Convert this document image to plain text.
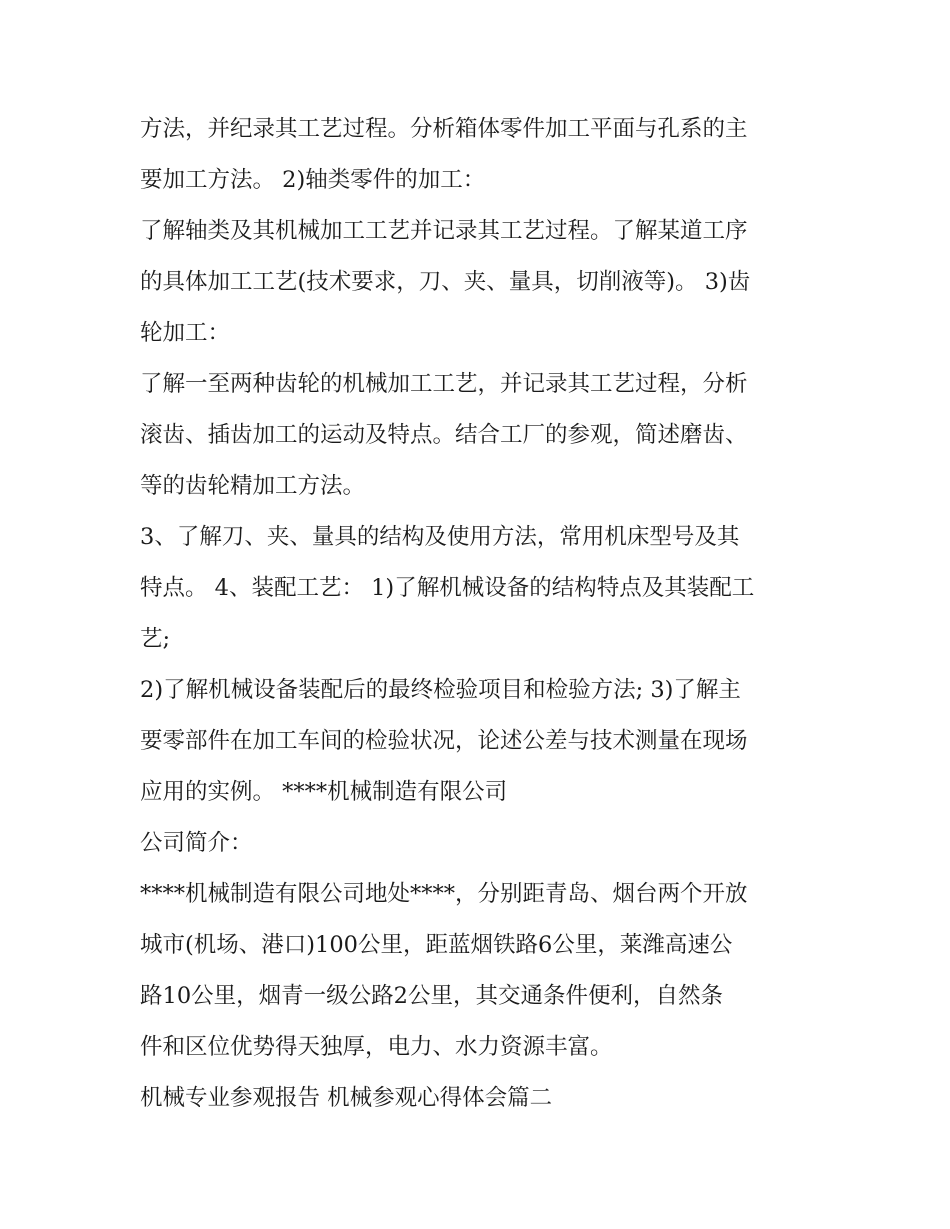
方法，并纪录其工艺过程。分析箱体零件加工平面与孔系的主
要加工方法。 2)轴类零件的加工：
了解轴类及其机械加工工艺并记录其工艺过程。了解某道工序
的具体加工工艺(技术要求，刀、夹、量具，切削液等)。 3)齿
轮加工：
了解一至两种齿轮的机械加工工艺，并记录其工艺过程，分析
滚齿、插齿加工的运动及特点。结合工厂的参观，简述磨齿、
等的齿轮精加工方法。
3、了解刀、夹、量具的结构及使用方法，常用机床型号及其
特点。 4、装配工艺： 1)了解机械设备的结构特点及其装配工
艺;
2)了解机械设备装配后的最终检验项目和检验方法; 3)了解主
要零部件在加工车间的检验状况，论述公差与技术测量在现场
应用的实例。 ****机械制造有限公司
公司简介：
****机械制造有限公司地处****，分别距青岛、烟台两个开放
城市(机场、港口)100公里，距蓝烟铁路6公里，莱潍高速公
路10公里，烟青一级公路2公里，其交通条件便利，自然条
件和区位优势得天独厚，电力、水力资源丰富。
机械专业参观报告 机械参观心得体会篇二
